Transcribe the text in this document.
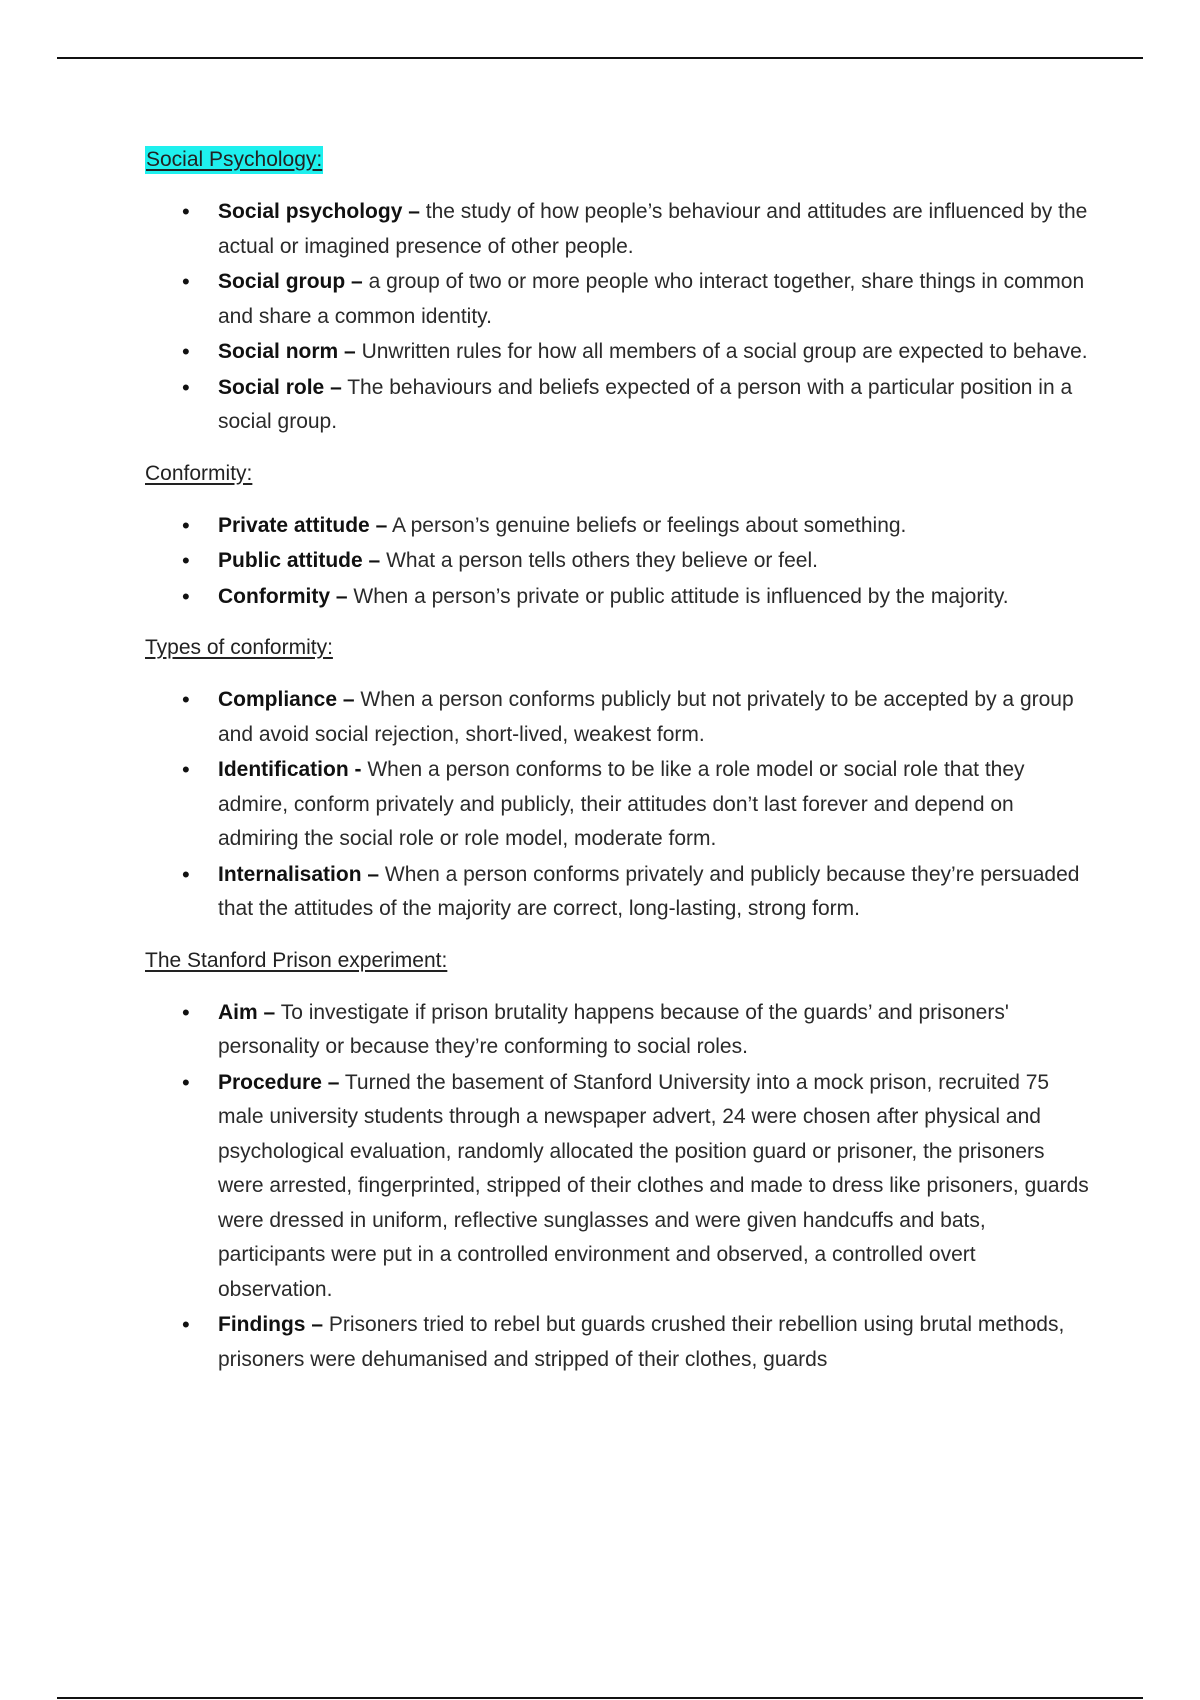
Social Psychology:
• Social psychology – the study of how people’s behaviour and attitudes are influenced by the actual or imagined presence of other people.
• Social group – a group of two or more people who interact together, share things in common and share a common identity.
• Social norm – Unwritten rules for how all members of a social group are expected to behave.
• Social role – The behaviours and beliefs expected of a person with a particular position in a social group.
Conformity:
• Private attitude – A person’s genuine beliefs or feelings about something.
• Public attitude – What a person tells others they believe or feel.
• Conformity – When a person’s private or public attitude is influenced by the majority.
Types of conformity:
• Compliance – When a person conforms publicly but not privately to be accepted by a group and avoid social rejection, short-lived, weakest form.
• Identification - When a person conforms to be like a role model or social role that they admire, conform privately and publicly, their attitudes don’t last forever and depend on admiring the social role or role model, moderate form.
• Internalisation – When a person conforms privately and publicly because they’re persuaded that the attitudes of the majority are correct, long-lasting, strong form.
The Stanford Prison experiment:
• Aim – To investigate if prison brutality happens because of the guards’ and prisoners' personality or because they’re conforming to social roles.
• Procedure – Turned the basement of Stanford University into a mock prison, recruited 75 male university students through a newspaper advert, 24 were chosen after physical and psychological evaluation, randomly allocated the position guard or prisoner, the prisoners were arrested, fingerprinted, stripped of their clothes and made to dress like prisoners, guards were dressed in uniform, reflective sunglasses and were given handcuffs and bats, participants were put in a controlled environment and observed, a controlled overt observation.
• Findings – Prisoners tried to rebel but guards crushed their rebellion using brutal methods, prisoners were dehumanised and stripped of their clothes, guards
